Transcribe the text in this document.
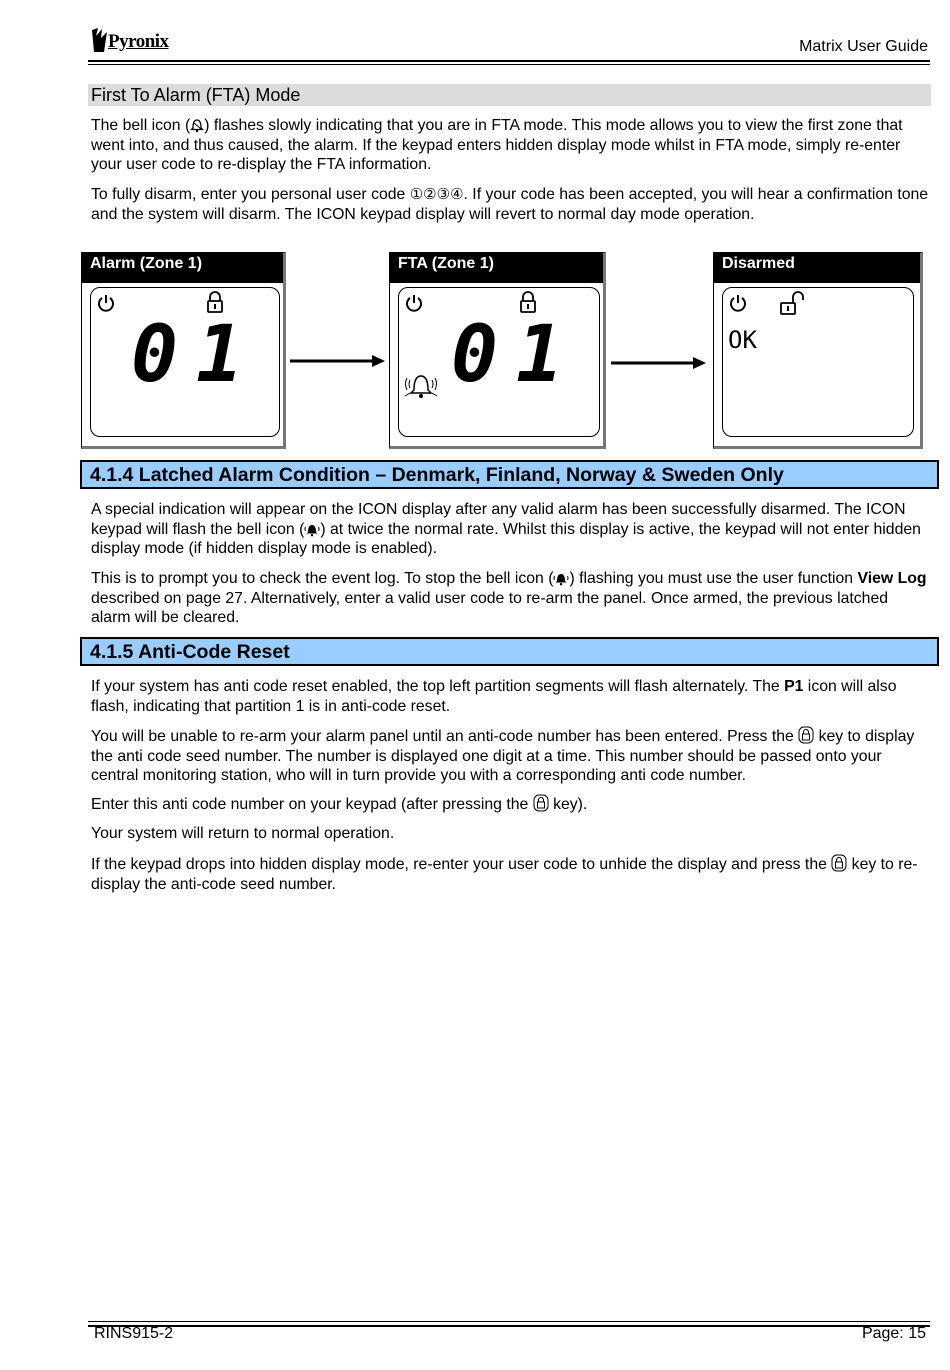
Pyronix	Matrix User Guide
First To Alarm (FTA) Mode
The bell icon ( ) flashes slowly indicating that you are in FTA mode. This mode allows you to view the first zone that went into, and thus caused, the alarm. If the keypad enters hidden display mode whilst in FTA mode, simply re-enter your user code to re-display the FTA information.
To fully disarm, enter you personal user code ①②③④. If your code has been accepted, you will hear a confirmation tone and the system will disarm. The ICON keypad display will revert to normal day mode operation.
Alarm (Zone 1)
01
FTA (Zone 1)
01
Disarmed
OK
4.1.4 Latched Alarm Condition – Denmark, Finland, Norway & Sweden Only
A special indication will appear on the ICON display after any valid alarm has been successfully disarmed. The ICON keypad will flash the bell icon ( ) at twice the normal rate. Whilst this display is active, the keypad will not enter hidden display mode (if hidden display mode is enabled).
This is to prompt you to check the event log. To stop the bell icon ( ) flashing you must use the user function View Log described on page 27. Alternatively, enter a valid user code to re-arm the panel. Once armed, the previous latched alarm will be cleared.
4.1.5 Anti-Code Reset
If your system has anti code reset enabled, the top left partition segments will flash alternately. The P1 icon will also flash, indicating that partition 1 is in anti-code reset.
You will be unable to re-arm your alarm panel until an anti-code number has been entered. Press the  key to display the anti code seed number. The number is displayed one digit at a time. This number should be passed onto your central monitoring station, who will in turn provide you with a corresponding anti code number.
Enter this anti code number on your keypad (after pressing the  key).
Your system will return to normal operation.
If the keypad drops into hidden display mode, re-enter your user code to unhide the display and press the  key to re-display the anti-code seed number.
RINS915-2	Page: 15
